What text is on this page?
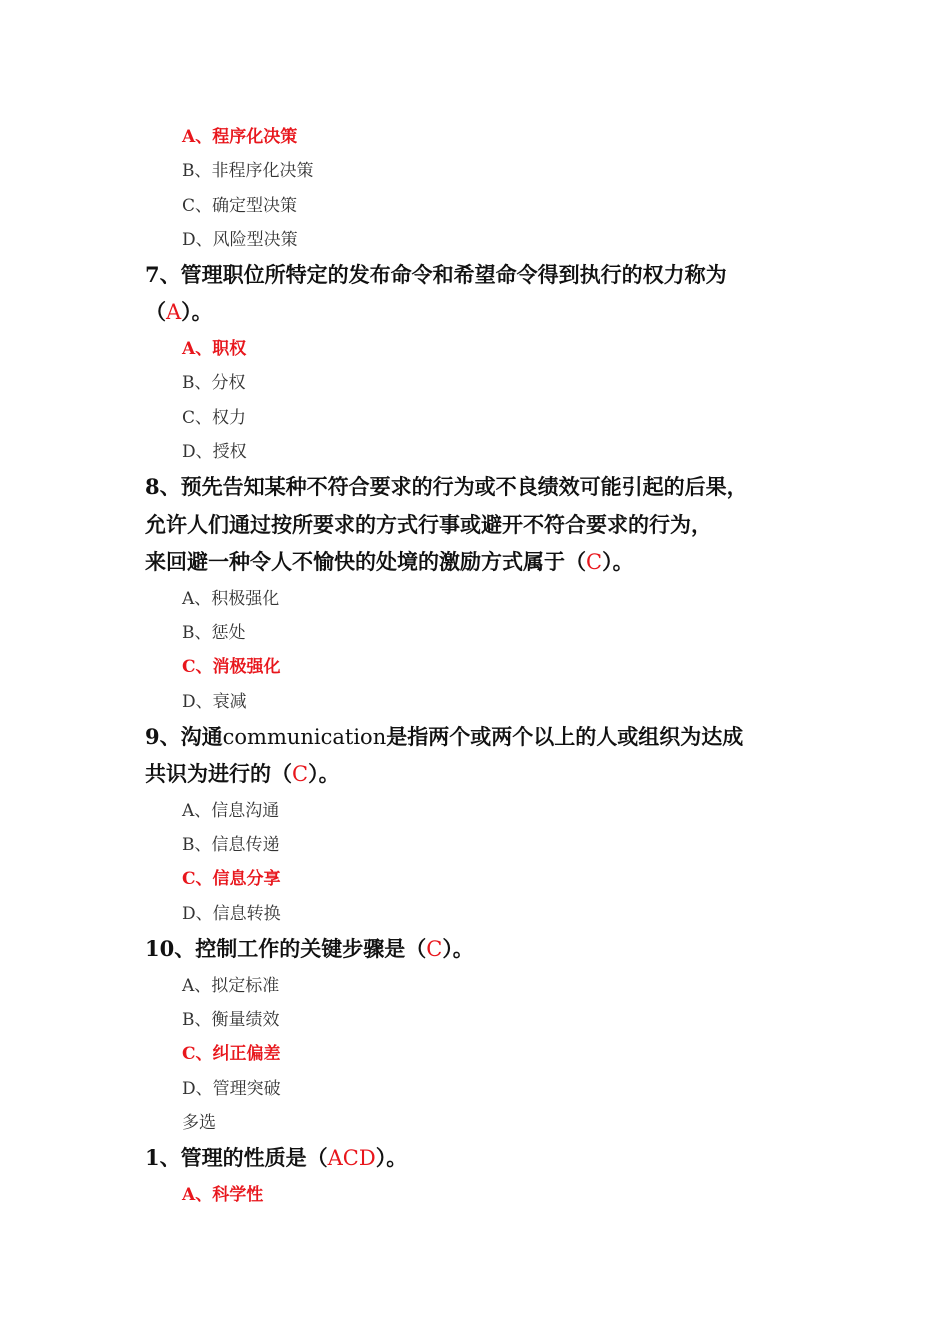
A、程序化决策
B、非程序化决策
C、确定型决策
D、风险型决策
7、管理职位所特定的发布命令和希望命令得到执行的权力称为
（A）。
A、职权
B、分权
C、权力
D、授权
8、预先告知某种不符合要求的行为或不良绩效可能引起的后果，
允许人们通过按所要求的方式行事或避开不符合要求的行为，
来回避一种令人不愉快的处境的激励方式属于（C）。
A、积极强化
B、惩处
C、消极强化
D、衰减
9、沟通communication是指两个或两个以上的人或组织为达成
共识为进行的（C）。
A、信息沟通
B、信息传递
C、信息分享
D、信息转换
10、控制工作的关键步骤是（C）。
A、拟定标准
B、衡量绩效
C、纠正偏差
D、管理突破
多选
1、管理的性质是（ACD）。
A、科学性
